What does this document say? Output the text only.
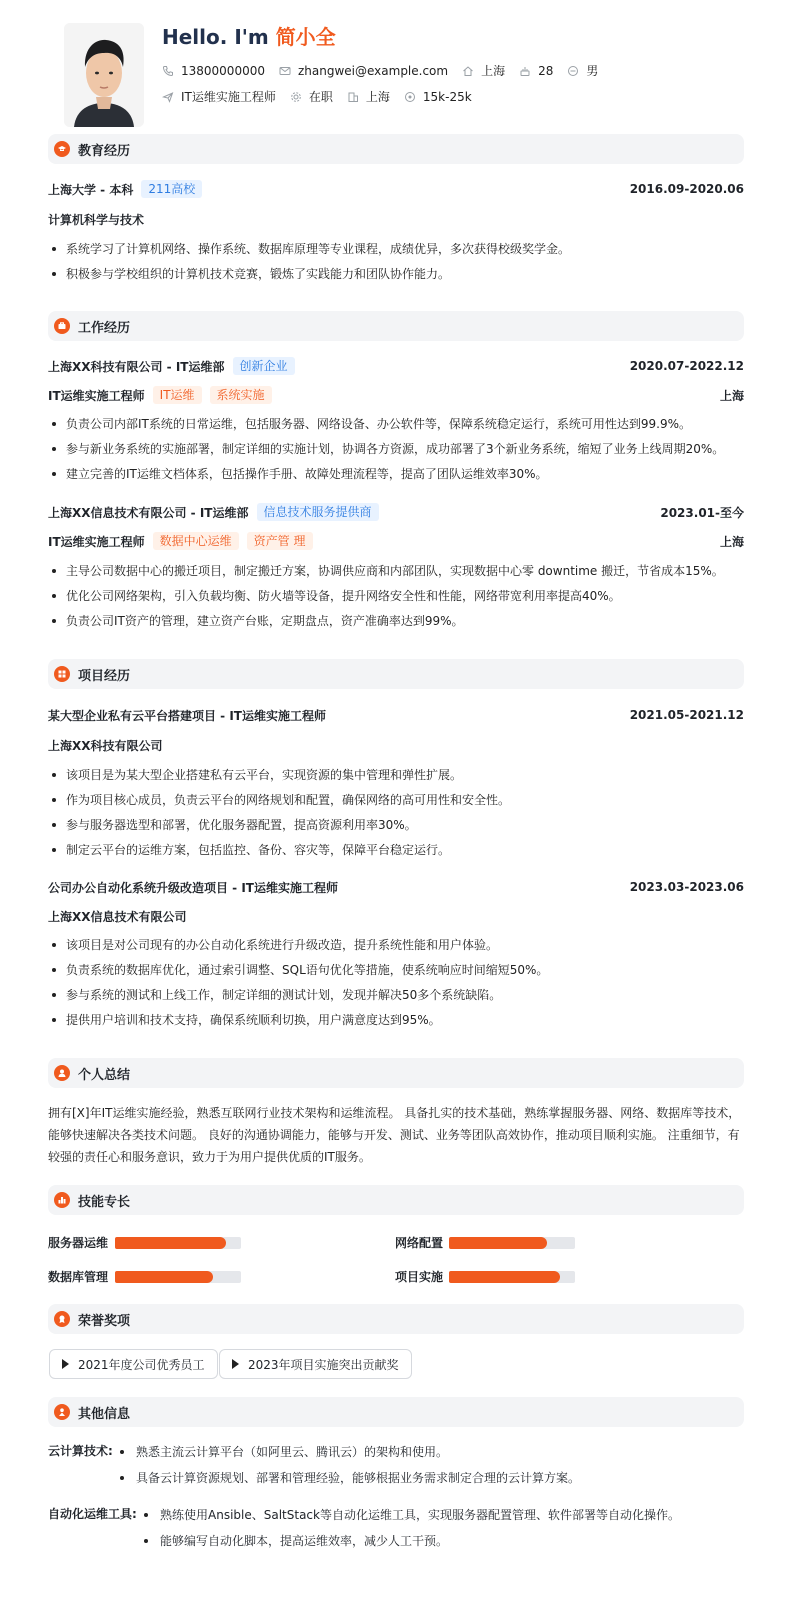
Hello. I'm 简小全
13800000000	zhangwei@example.com	上海	28	男
IT运维实施工程师	在职	上海	15k-25k
教育经历
上海大学 - 本科	211高校	2016.09-2020.06
计算机科学与技术
系统学习了计算机网络、操作系统、数据库原理等专业课程，成绩优异，多次获得校级奖学金。
积极参与学校组织的计算机技术竞赛，锻炼了实践能力和团队协作能力。
工作经历
上海XX科技有限公司 - IT运维部	创新企业	2020.07-2022.12
IT运维实施工程师	IT运维	系统实施	上海
负责公司内部IT系统的日常运维，包括服务器、网络设备、办公软件等，保障系统稳定运行，系统可用性达到99.9%。
参与新业务系统的实施部署，制定详细的实施计划，协调各方资源，成功部署了3个新业务系统，缩短了业务上线周期20%。
建立完善的IT运维文档体系，包括操作手册、故障处理流程等，提高了团队运维效率30%。
上海XX信息技术有限公司 - IT运维部	信息技术服务提供商	2023.01-至今
IT运维实施工程师	数据中心运维	资产管 理	上海
主导公司数据中心的搬迁项目，制定搬迁方案，协调供应商和内部团队，实现数据中心零 downtime 搬迁，节省成本15%。
优化公司网络架构，引入负载均衡、防火墙等设备，提升网络安全性和性能，网络带宽利用率提高40%。
负责公司IT资产的管理，建立资产台账，定期盘点，资产准确率达到99%。
项目经历
某大型企业私有云平台搭建项目 - IT运维实施工程师	2021.05-2021.12
上海XX科技有限公司
该项目是为某大型企业搭建私有云平台，实现资源的集中管理和弹性扩展。
作为项目核心成员，负责云平台的网络规划和配置，确保网络的高可用性和安全性。
参与服务器选型和部署，优化服务器配置，提高资源利用率30%。
制定云平台的运维方案，包括监控、备份、容灾等，保障平台稳定运行。
公司办公自动化系统升级改造项目 - IT运维实施工程师	2023.03-2023.06
上海XX信息技术有限公司
该项目是对公司现有的办公自动化系统进行升级改造，提升系统性能和用户体验。
负责系统的数据库优化，通过索引调整、SQL语句优化等措施，使系统响应时间缩短50%。
参与系统的测试和上线工作，制定详细的测试计划，发现并解决50多个系统缺陷。
提供用户培训和技术支持，确保系统顺利切换，用户满意度达到95%。
个人总结
拥有[X]年IT运维实施经验，熟悉互联网行业技术架构和运维流程。 具备扎实的技术基础，熟练掌握服务器、网络、数据库等技术，
能够快速解决各类技术问题。 良好的沟通协调能力，能够与开发、测试、业务等团队高效协作，推动项目顺利实施。 注重细节，有
较强的责任心和服务意识，致力于为用户提供优质的IT服务。
技能专长
服务器运维	网络配置
数据库管理	项目实施
荣誉奖项
2021年度公司优秀员工	2023年项目实施突出贡献奖
其他信息
云计算技术:	熟悉主流云计算平台（如阿里云、腾讯云）的架构和使用。
具备云计算资源规划、部署和管理经验，能够根据业务需求制定合理的云计算方案。
自动化运维工具:	熟练使用Ansible、SaltStack等自动化运维工具，实现服务器配置管理、软件部署等自动化操作。
能够编写自动化脚本，提高运维效率，减少人工干预。
